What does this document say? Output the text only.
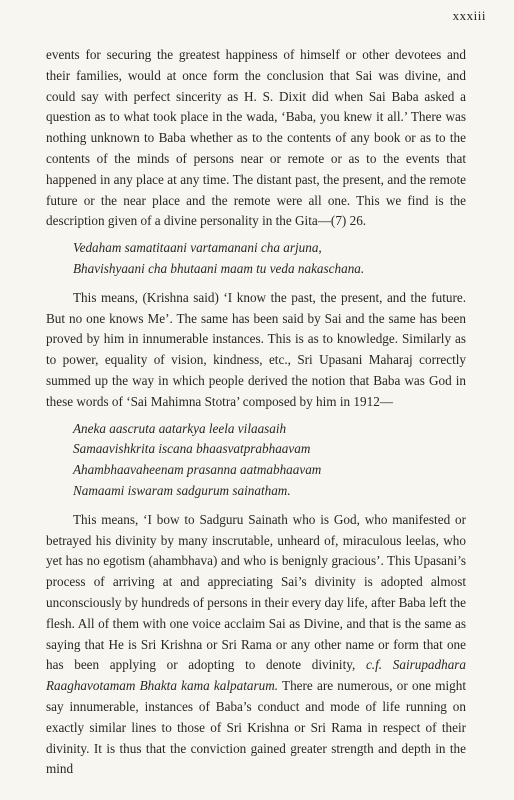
xxxiii

events for securing the greatest happiness of himself or other devotees and their families, would at once form the conclusion that Sai was divine, and could say with perfect sincerity as H. S. Dixit did when Sai Baba asked a question as to what took place in the wada, ‘Baba, you knew it all.’ There was nothing unknown to Baba whether as to the contents of any book or as to the contents of the minds of persons near or remote or as to the events that happened in any place at any time. The distant past, the present, and the remote future or the near place and the remote were all one. This we find is the description given of a divine personality in the Gita—(7) 26.

Vedaham samatitaani vartamanani cha arjuna,
Bhavishyaani cha bhutaani maam tu veda nakaschana.

This means, (Krishna said) ‘I know the past, the present, and the future. But no one knows Me’. The same has been said by Sai and the same has been proved by him in innumerable instances. This is as to knowledge. Similarly as to power, equality of vision, kindness, etc., Sri Upasani Maharaj correctly summed up the way in which people derived the notion that Baba was God in these words of ‘Sai Mahimna Stotra’ composed by him in 1912—

Aneka aascruta aatarkya leela vilaasaih
Samaavishkrita iscana bhaasvatprabhaavam
Ahambhaavaheenam prasanna aatmabhaavam
Namaami iswaram sadgurum sainatham.

This means, ‘I bow to Sadguru Sainath who is God, who manifested or betrayed his divinity by many inscrutable, unheard of, miraculous leelas, who yet has no egotism (ahambhava) and who is benignly gracious’. This Upasani’s process of arriving at and appreciating Sai’s divinity is adopted almost unconsciously by hundreds of persons in their every day life, after Baba left the flesh. All of them with one voice acclaim Sai as Divine, and that is the same as saying that He is Sri Krishna or Sri Rama or any other name or form that one has been applying or adopting to denote divinity, c.f. Sairupadhara Raaghavotamam Bhakta kama kalpatarum. There are numerous, or one might say innumerable, instances of Baba’s conduct and mode of life running on exactly similar lines to those of Sri Krishna or Sri Rama in respect of their divinity. It is thus that the conviction gained greater strength and depth in the mind
